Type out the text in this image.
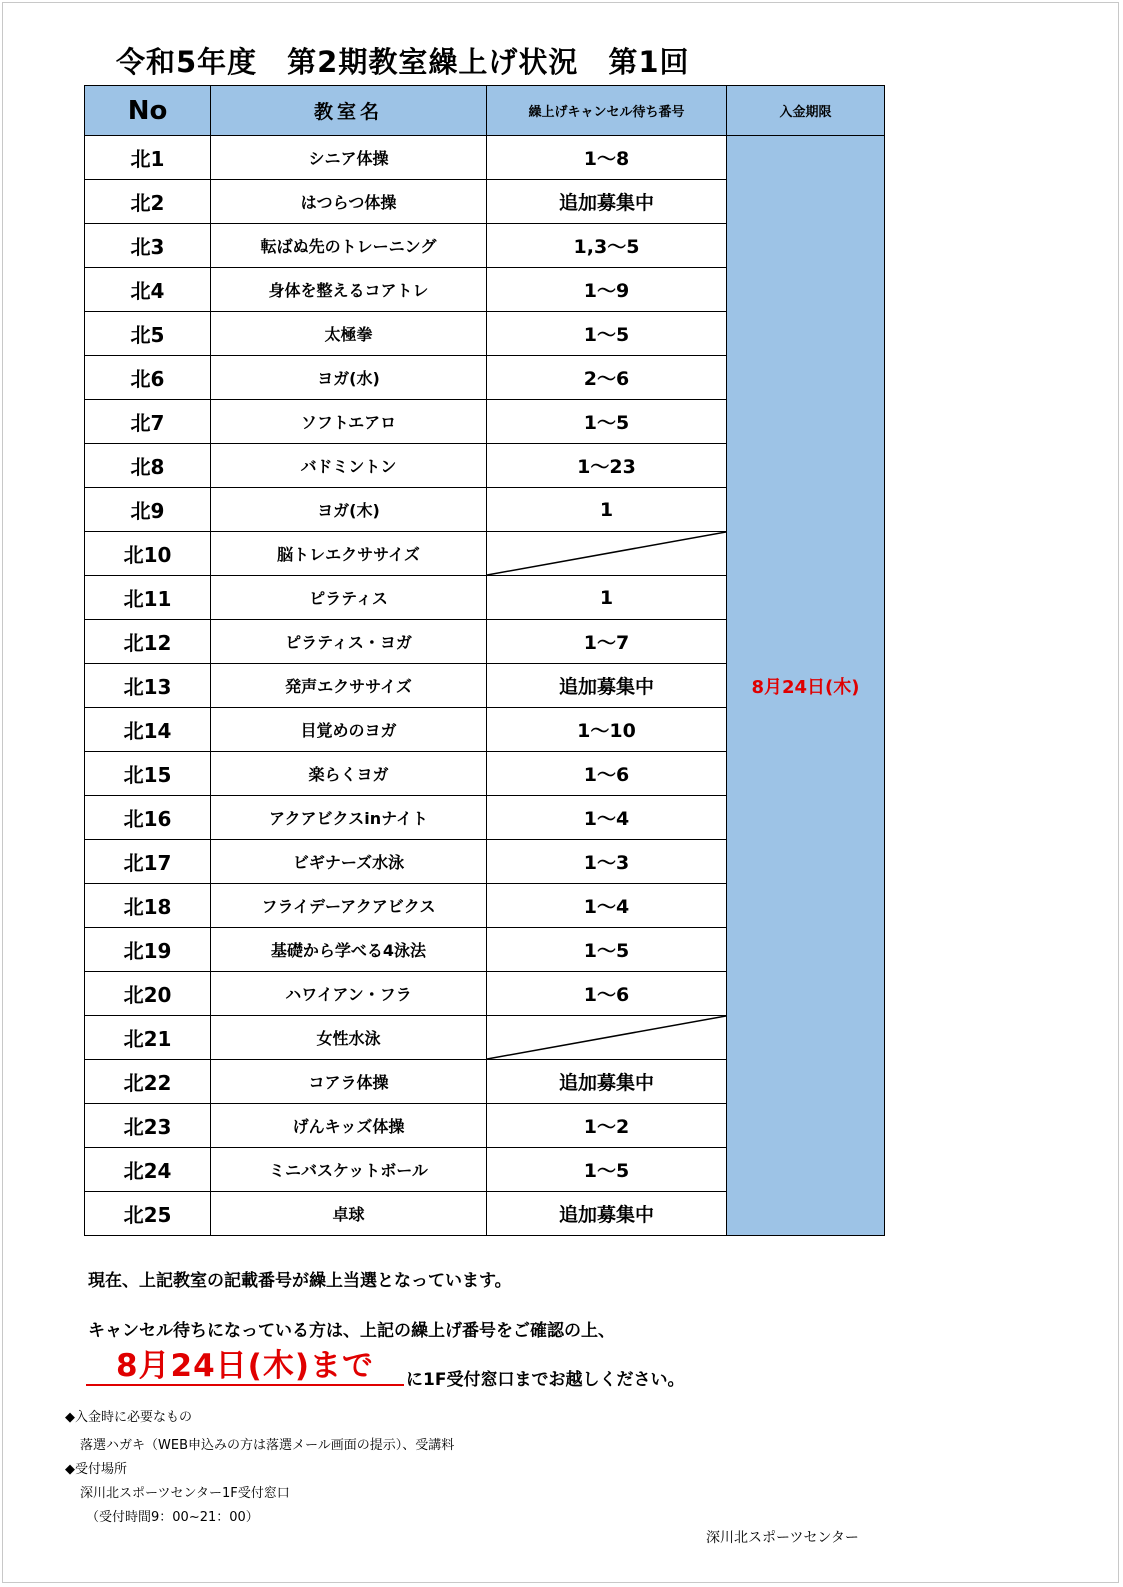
令和5年度　第2期教室繰上げ状況　第1回
No	教室名	繰上げキャンセル待ち番号	入金期限
北1	シニア体操	1〜8	8月24日(木)
北2	はつらつ体操	追加募集中	
北3	転ばぬ先のトレーニング	1,3〜5	
北4	身体を整えるコアトレ	1〜9	
北5	太極拳	1〜5	
北6	ヨガ(水)	2〜6	
北7	ソフトエアロ	1〜5	
北8	バドミントン	1〜23	
北9	ヨガ(木)	1	
北10	脳トレエクササイズ	

北11	ピラティス	1	
北12	ピラティス・ヨガ	1〜7	
北13	発声エクササイズ	追加募集中	
北14	目覚めのヨガ	1〜10	
北15	楽らくヨガ	1〜6	
北16	アクアビクスinナイト	1〜4	
北17	ビギナーズ水泳	1〜3	
北18	フライデーアクアビクス	1〜4	
北19	基礎から学べる4泳法	1〜5	
北20	ハワイアン・フラ	1〜6	
北21	女性水泳	

北22	コアラ体操	追加募集中	
北23	げんキッズ体操	1〜2	
北24	ミニバスケットボール	1〜5	
北25	卓球	追加募集中	

現在、上記教室の記載番号が繰上当選となっています。

キャンセル待ちになっている方は、上記の繰上げ番号をご確認の上、

8月24日(木)まで	に1F受付窓口までお越しください。

◆入金時に必要なもの

落選ハガキ（WEB申込みの方は落選メール画面の提示）、受講料

◆受付場所

深川北スポーツセンター1F受付窓口

（受付時間9：00~21：00）

深川北スポーツセンター
